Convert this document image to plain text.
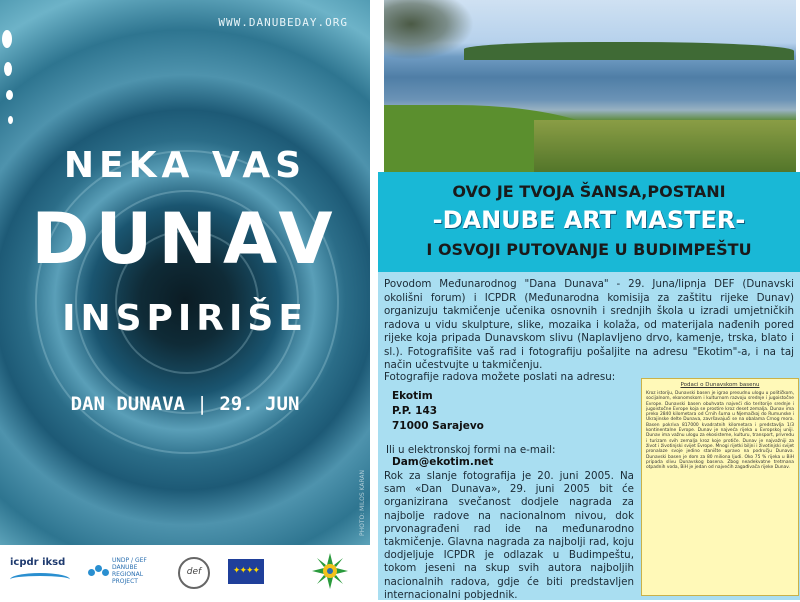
WWW.DANUBEDAY.ORG
NEKA VAS
DUNAV
INSPIRIŠE
DAN DUNAVA | 29. JUN
PHOTO: MILOŠ KARAN
icpdr iksd	UNDP / GEF DANUBE REGIONAL PROJECT
def	✦✦✦✦
OVO JE TVOJA ŠANSA,POSTANI
-DANUBE ART MASTER-
I OSVOJI PUTOVANJE U BUDIMPEŠTU
Povodom Međunarodnog "Dana Dunava" - 29. Juna/lipnja DEF (Dunavski okolišni forum) i ICPDR (Međunarodna komisija za zaštitu rijeke Dunav) organizuju takmičenje učenika osnovnih i srednjih škola u izradi umjetničkih radova u vidu skulpture, slike, mozaika i kolaža, od materijala nađenih pored rijeke koja pripada Dunavskom slivu (Naplavljeno drvo, kamenje, trska, blato i sl.). Fotografišite vaš rad i fotografiju pošaljite na adresu "Ekotim"-a, i na taj način učestvujte u takmičenju.
Fotografije radova možete poslati na adresu:
Ekotim
P.P. 143
71000 Sarajevo
Ili u elektronskoj formi na e-mail:
Dam@ekotim.net
Rok za slanje fotografija je 20. juni 2005. Na sam «Dan Dunava», 29. juni 2005 bit će organizirana svečanost dodjele nagrada za najbolje radove na nacionalnom nivou, dok prvonagrađeni rad ide na međunarodno takmičenje. Glavna nagrada za najbolji rad, koju dodjeljuje ICPDR je odlazak u Budimpeštu, tokom jeseni na skup svih autora najboljih nacionalnih radova, gdje će biti predstavljen internacionalni pobjednik.
Podaci o Dunavskom basenu
Kroz istoriju, Dunavski basen je igrao presudnu ulogu u političkom, socijalnom, ekonomskom i kulturnom razvoju srednje i jugoistočne Evrope. Dunavski basen obuhvata najveći dio teritorije srednje i jugoistočne Evrope koja se prostire kroz deset zemalja. Dunav ima preko 2840 kilometara od Crnih šuma u Njemačkoj do Rumunske i Ukrajinske delte Dunava, završavajući se na obalama Crnog mora. Basen pokriva 817000 kvadratnih kilometara i predstavlja 1/3 kontinentalne Evrope. Dunav je najveća rijeka u Evropskoj uniji. Dunav ima važnu ulogu za ekosisteme, kulturu, transport, privredu i turizam svih zemalja kroz koje protiče. Dunav je najvažniji za život i životinjski svijet Evrope. Mnogi rijetki biljni i životinjski svijet pronalaze svoje jedino stanište upravo na području Dunava. Dunavski basen je dom za 80 miliona ljudi. Oko 75 % rijeka u BiH pripada slivu Dunavskog basena. Zbog neadekvatne tretmana otpadnih voda, BiH je jedan od najvećih zagađivača rijeke Dunav.
